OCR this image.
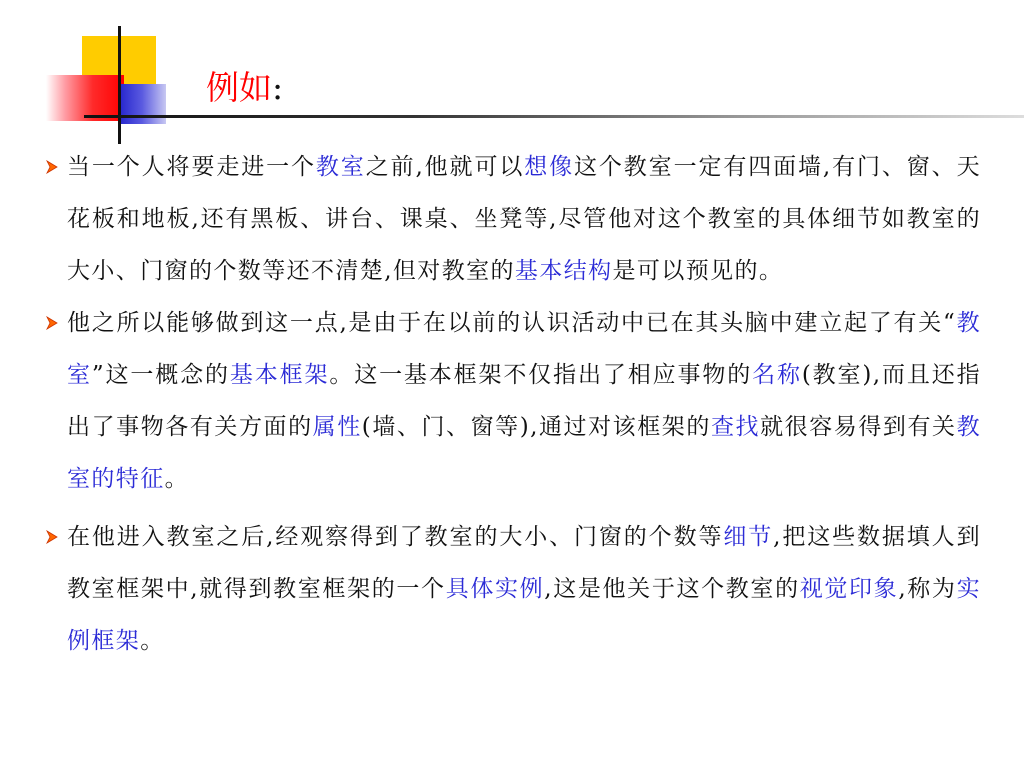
例如:
当一个人将要走进一个教室之前,他就可以想像这个教室一定有四面墙,有门、窗、天花板和地板,还有黑板、讲台、课桌、坐凳等,尽管他对这个教室的具体细节如教室的大小、门窗的个数等还不清楚,但对教室的基本结构是可以预见的。
他之所以能够做到这一点,是由于在以前的认识活动中已在其头脑中建立起了有关“教室”这一概念的基本框架。这一基本框架不仅指出了相应事物的名称(教室),而且还指出了事物各有关方面的属性(墙、门、窗等),通过对该框架的查找就很容易得到有关教室的特征。
在他进入教室之后,经观察得到了教室的大小、门窗的个数等细节,把这些数据填人到教室框架中,就得到教室框架的一个具体实例,这是他关于这个教室的视觉印象,称为实例框架。
